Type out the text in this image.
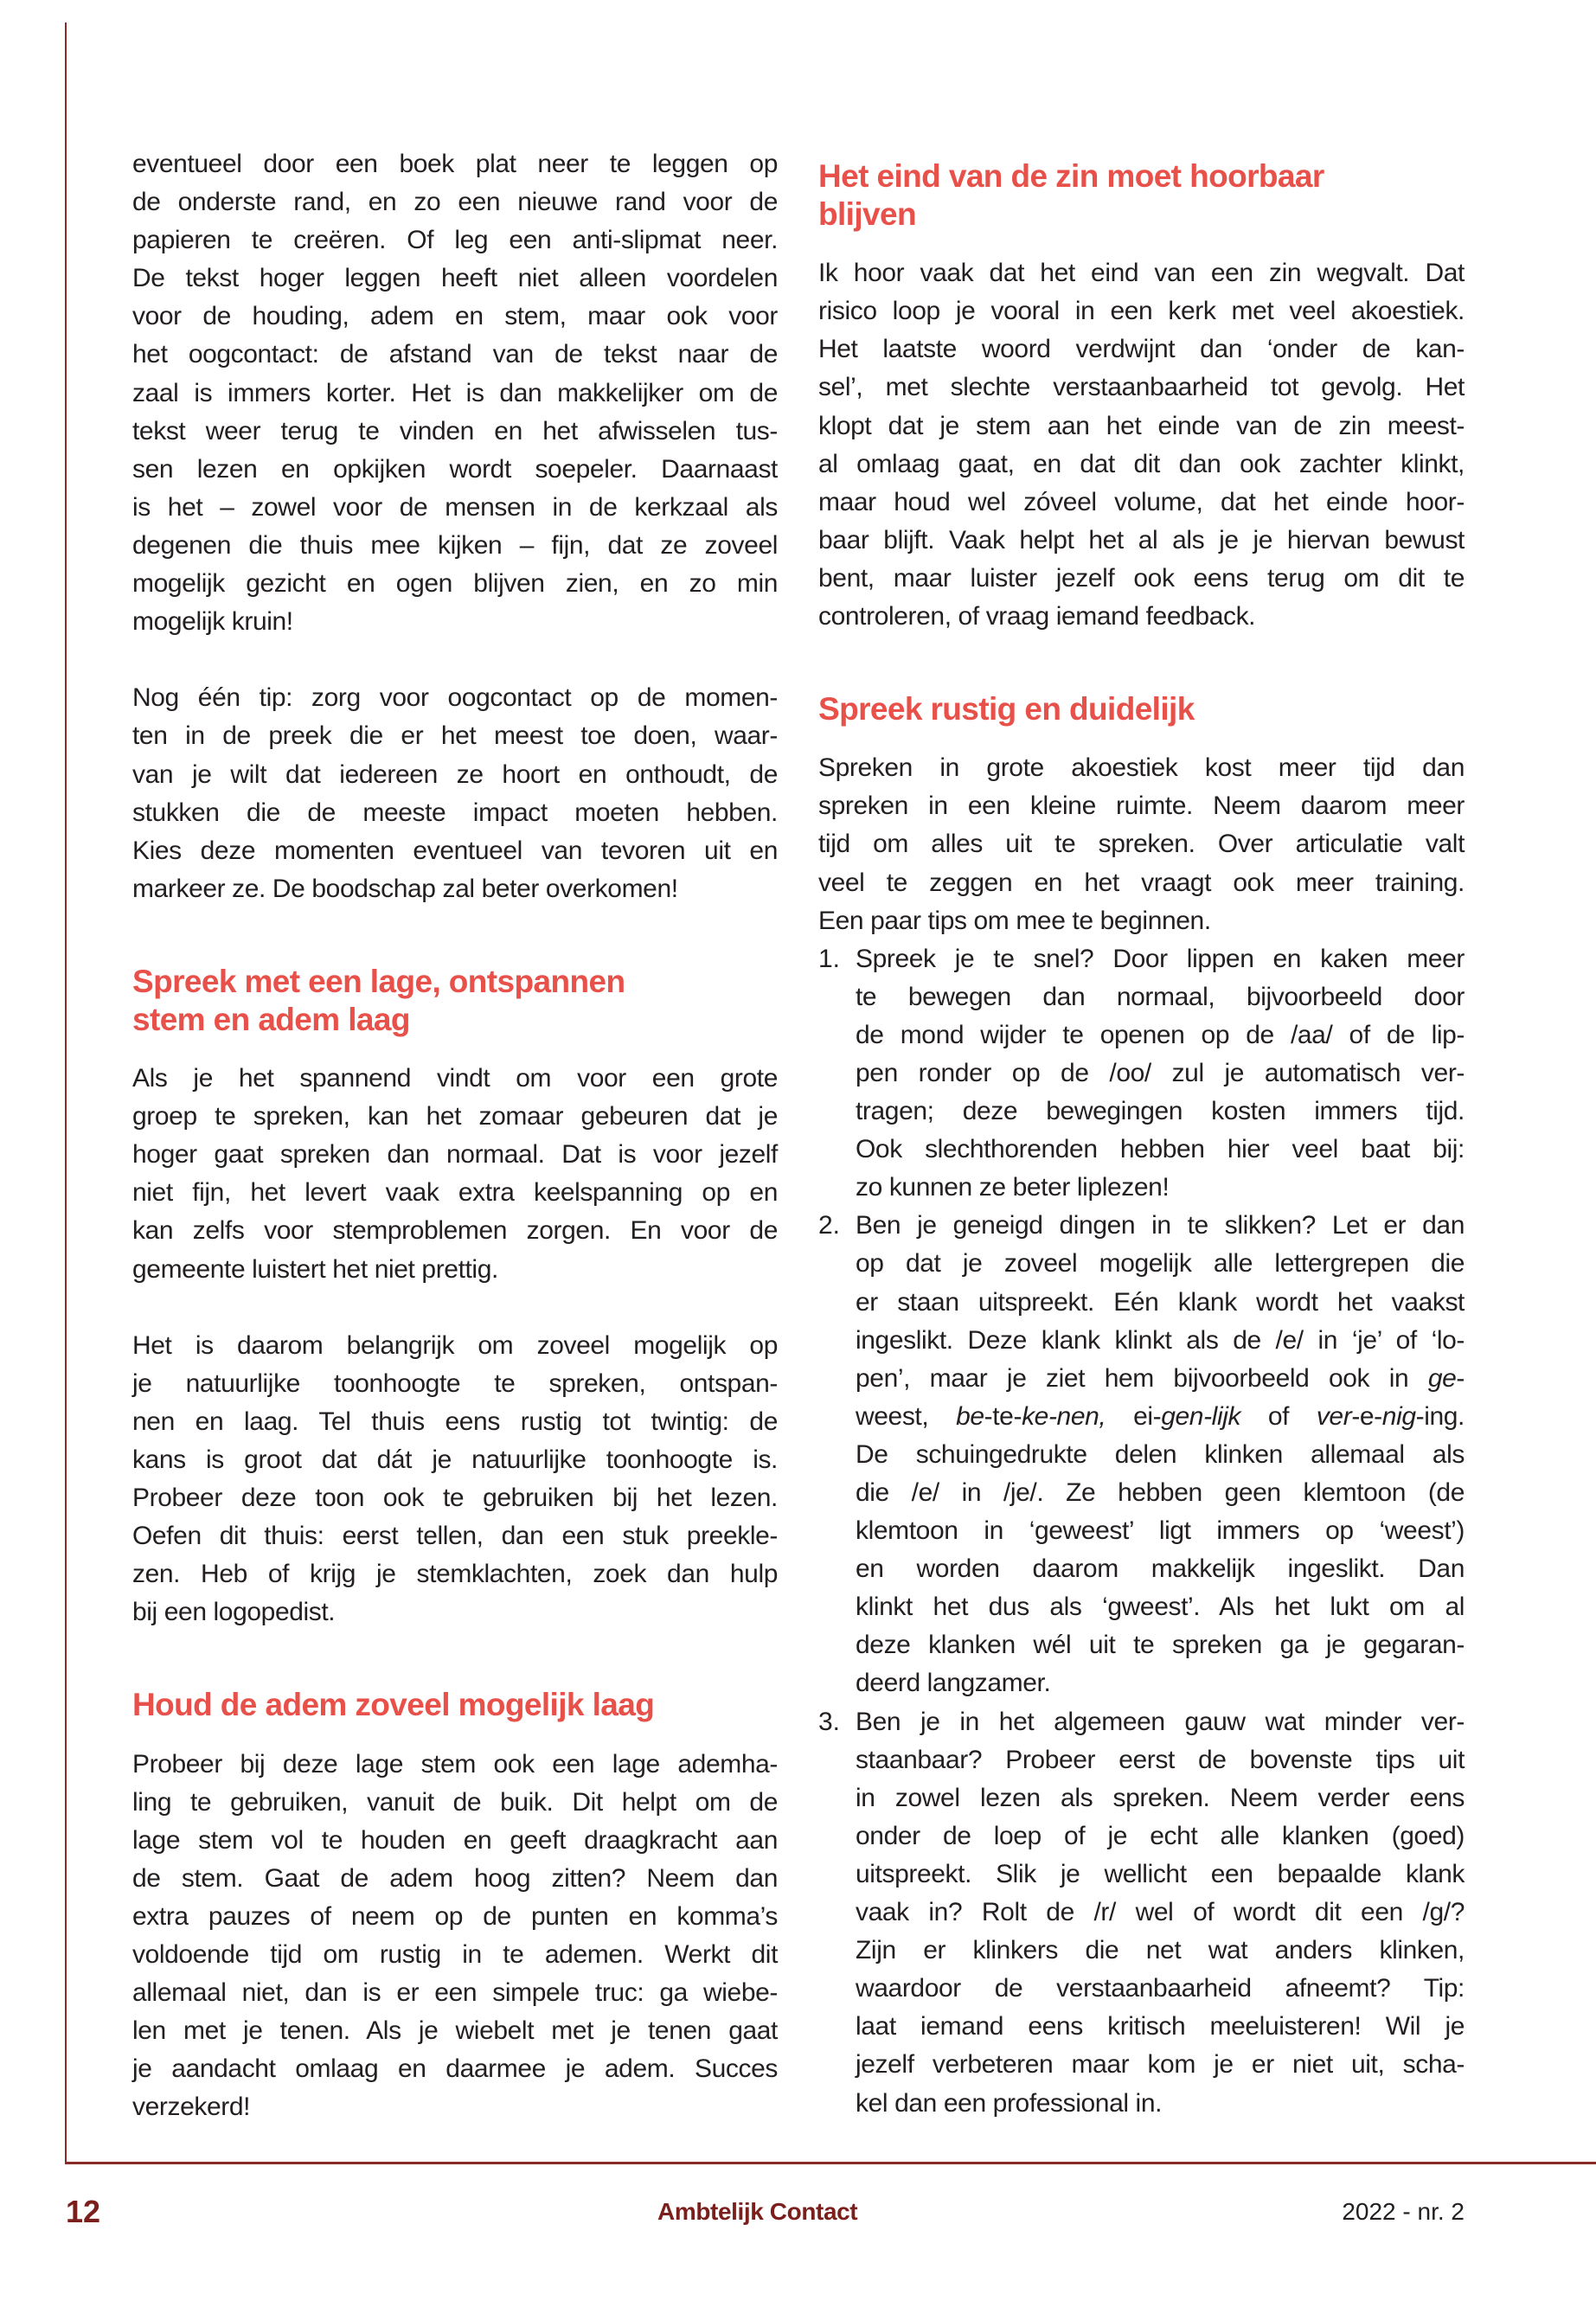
eventueel door een boek plat neer te leggen op
de onderste rand, en zo een nieuwe rand voor de
papieren te creëren. Of leg een anti-slipmat neer.
De tekst hoger leggen heeft niet alleen voordelen
voor de houding, adem en stem, maar ook voor
het oogcontact: de afstand van de tekst naar de
zaal is immers korter. Het is dan makkelijker om de
tekst weer terug te vinden en het afwisselen tus-
sen lezen en opkijken wordt soepeler. Daarnaast
is het – zowel voor de mensen in de kerkzaal als
degenen die thuis mee kijken – fijn, dat ze zoveel
mogelijk gezicht en ogen blijven zien, en zo min
mogelijk kruin!
Nog één tip: zorg voor oogcontact op de momen-
ten in de preek die er het meest toe doen, waar-
van je wilt dat iedereen ze hoort en onthoudt, de
stukken die de meeste impact moeten hebben.
Kies deze momenten eventueel van tevoren uit en
markeer ze. De boodschap zal beter overkomen!
Spreek met een lage, ontspannen
stem en adem laag
Als je het spannend vindt om voor een grote
groep te spreken, kan het zomaar gebeuren dat je
hoger gaat spreken dan normaal. Dat is voor jezelf
niet fijn, het levert vaak extra keelspanning op en
kan zelfs voor stemproblemen zorgen. En voor de
gemeente luistert het niet prettig.
Het is daarom belangrijk om zoveel mogelijk op
je natuurlijke toonhoogte te spreken, ontspan-
nen en laag. Tel thuis eens rustig tot twintig: de
kans is groot dat dát je natuurlijke toonhoogte is.
Probeer deze toon ook te gebruiken bij het lezen.
Oefen dit thuis: eerst tellen, dan een stuk preekle-
zen. Heb of krijg je stemklachten, zoek dan hulp
bij een logopedist.
Houd de adem zoveel mogelijk laag
Probeer bij deze lage stem ook een lage ademha-
ling te gebruiken, vanuit de buik. Dit helpt om de
lage stem vol te houden en geeft draagkracht aan
de stem. Gaat de adem hoog zitten? Neem dan
extra pauzes of neem op de punten en komma’s
voldoende tijd om rustig in te ademen. Werkt dit
allemaal niet, dan is er een simpele truc: ga wiebe-
len met je tenen. Als je wiebelt met je tenen gaat
je aandacht omlaag en daarmee je adem. Succes
verzekerd!
Het eind van de zin moet hoorbaar
blijven
Ik hoor vaak dat het eind van een zin wegvalt. Dat
risico loop je vooral in een kerk met veel akoestiek.
Het laatste woord verdwijnt dan ‘onder de kan-
sel’, met slechte verstaanbaarheid tot gevolg. Het
klopt dat je stem aan het einde van de zin meest-
al omlaag gaat, en dat dit dan ook zachter klinkt,
maar houd wel zóveel volume, dat het einde hoor-
baar blijft. Vaak helpt het al als je je hiervan bewust
bent, maar luister jezelf ook eens terug om dit te
controleren, of vraag iemand feedback.
Spreek rustig en duidelijk
Spreken in grote akoestiek kost meer tijd dan
spreken in een kleine ruimte. Neem daarom meer
tijd om alles uit te spreken. Over articulatie valt
veel te zeggen en het vraagt ook meer training.
Een paar tips om mee te beginnen.
1. Spreek je te snel? Door lippen en kaken meer
te bewegen dan normaal, bijvoorbeeld door
de mond wijder te openen op de /aa/ of de lip-
pen ronder op de /oo/ zul je automatisch ver-
tragen; deze bewegingen kosten immers tijd.
Ook slechthorenden hebben hier veel baat bij:
zo kunnen ze beter liplezen!
2. Ben je geneigd dingen in te slikken? Let er dan
op dat je zoveel mogelijk alle lettergrepen die
er staan uitspreekt. Eén klank wordt het vaakst
ingeslikt. Deze klank klinkt als de /e/ in ‘je’ of ‘lo-
pen’, maar je ziet hem bijvoorbeeld ook in ge-
weest, be-te-ke-nen, ei-gen-lijk of ver-e-nig-ing.
De schuingedrukte delen klinken allemaal als
die /e/ in /je/. Ze hebben geen klemtoon (de
klemtoon in ‘geweest’ ligt immers op ‘weest’)
en worden daarom makkelijk ingeslikt. Dan
klinkt het dus als ‘gweest’. Als het lukt om al
deze klanken wél uit te spreken ga je gegaran-
deerd langzamer.
3. Ben je in het algemeen gauw wat minder ver-
staanbaar? Probeer eerst de bovenste tips uit
in zowel lezen als spreken. Neem verder eens
onder de loep of je echt alle klanken (goed)
uitspreekt. Slik je wellicht een bepaalde klank
vaak in? Rolt de /r/ wel of wordt dit een /g/?
Zijn er klinkers die net wat anders klinken,
waardoor de verstaanbaarheid afneemt? Tip:
laat iemand eens kritisch meeluisteren! Wil je
jezelf verbeteren maar kom je er niet uit, scha-
kel dan een professional in.
12	Ambtelijk Contact	2022 - nr. 2
